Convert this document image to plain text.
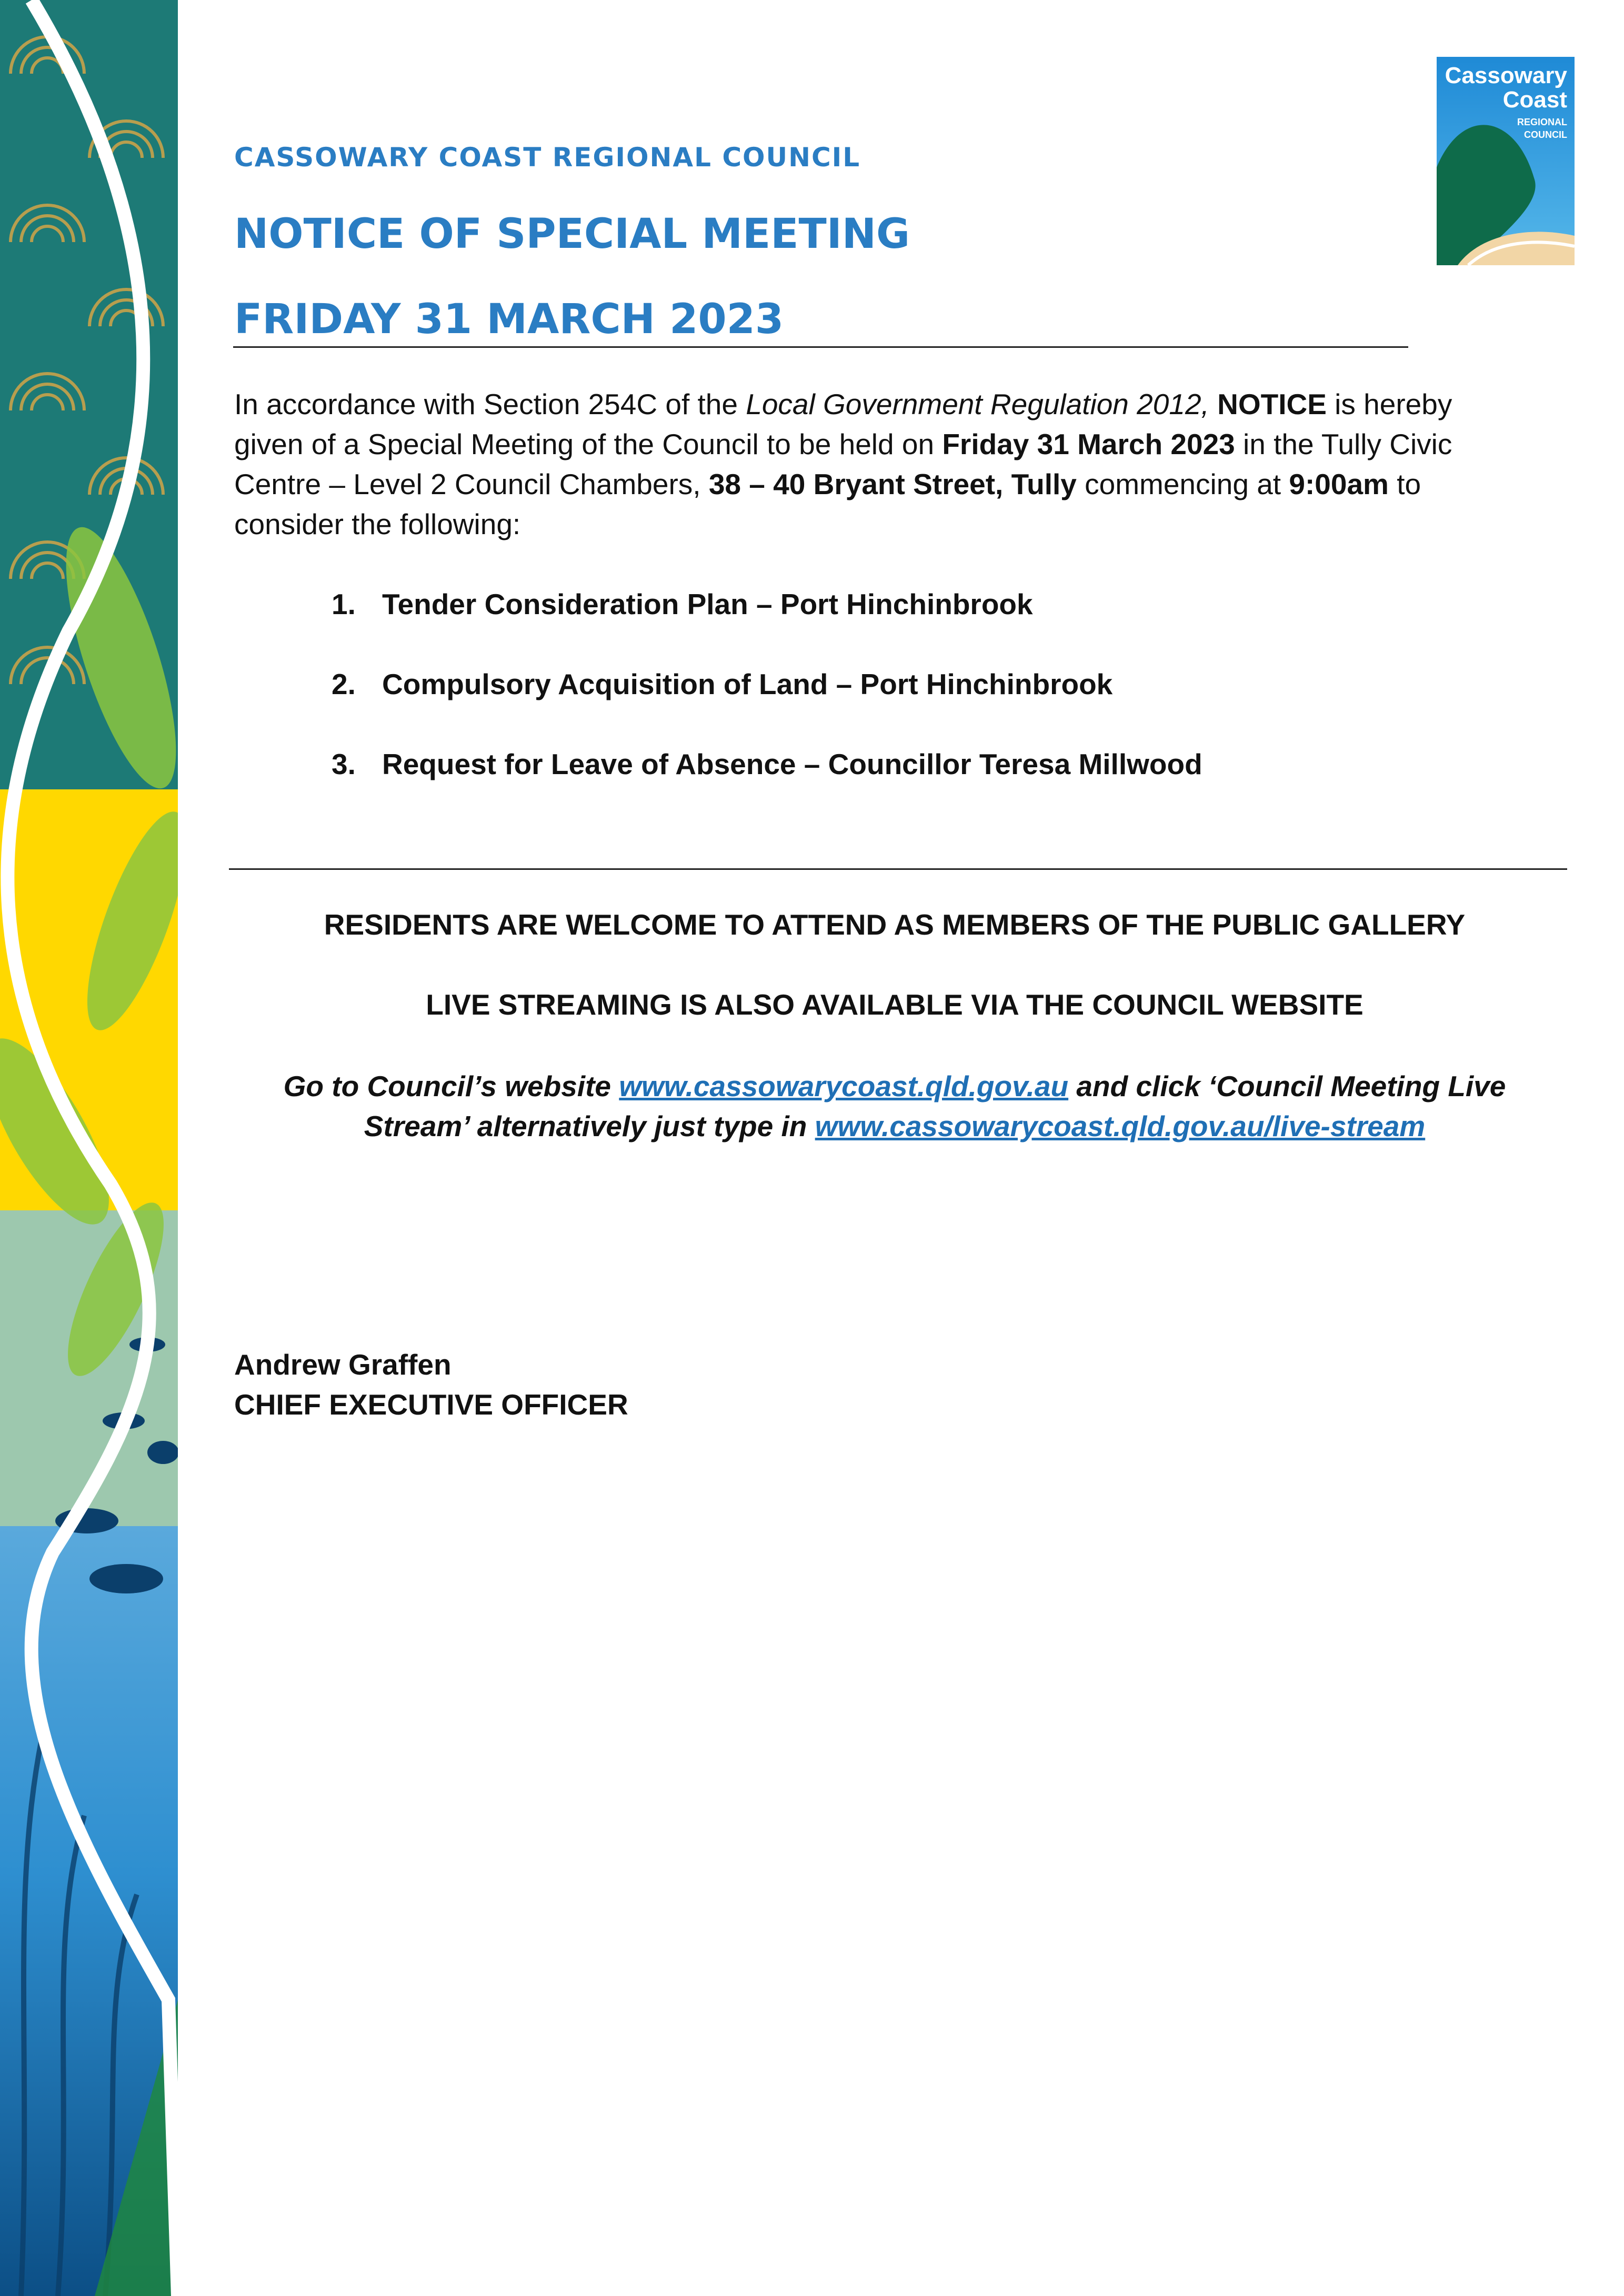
Cassowary
Coast
REGIONAL
COUNCIL
CASSOWARY COAST REGIONAL COUNCIL
NOTICE OF SPECIAL MEETING
FRIDAY 31 MARCH 2023

In accordance with Section 254C of the Local Government Regulation 2012, NOTICE is hereby given of a Special Meeting of the Council to be held on Friday 31 March 2023 in the Tully Civic Centre – Level 2 Council Chambers, 38 – 40 Bryant Street, Tully commencing at 9:00am to consider the following:

1. Tender Consideration Plan – Port Hinchinbrook
2. Compulsory Acquisition of Land – Port Hinchinbrook
3. Request for Leave of Absence – Councillor Teresa Millwood

RESIDENTS ARE WELCOME TO ATTEND AS MEMBERS OF THE PUBLIC GALLERY

LIVE STREAMING IS ALSO AVAILABLE VIA THE COUNCIL WEBSITE

Go to Council’s website www.cassowarycoast.qld.gov.au and click ‘Council Meeting Live Stream’ alternatively just type in www.cassowarycoast.qld.gov.au/live-stream

Andrew Graffen
CHIEF EXECUTIVE OFFICER
